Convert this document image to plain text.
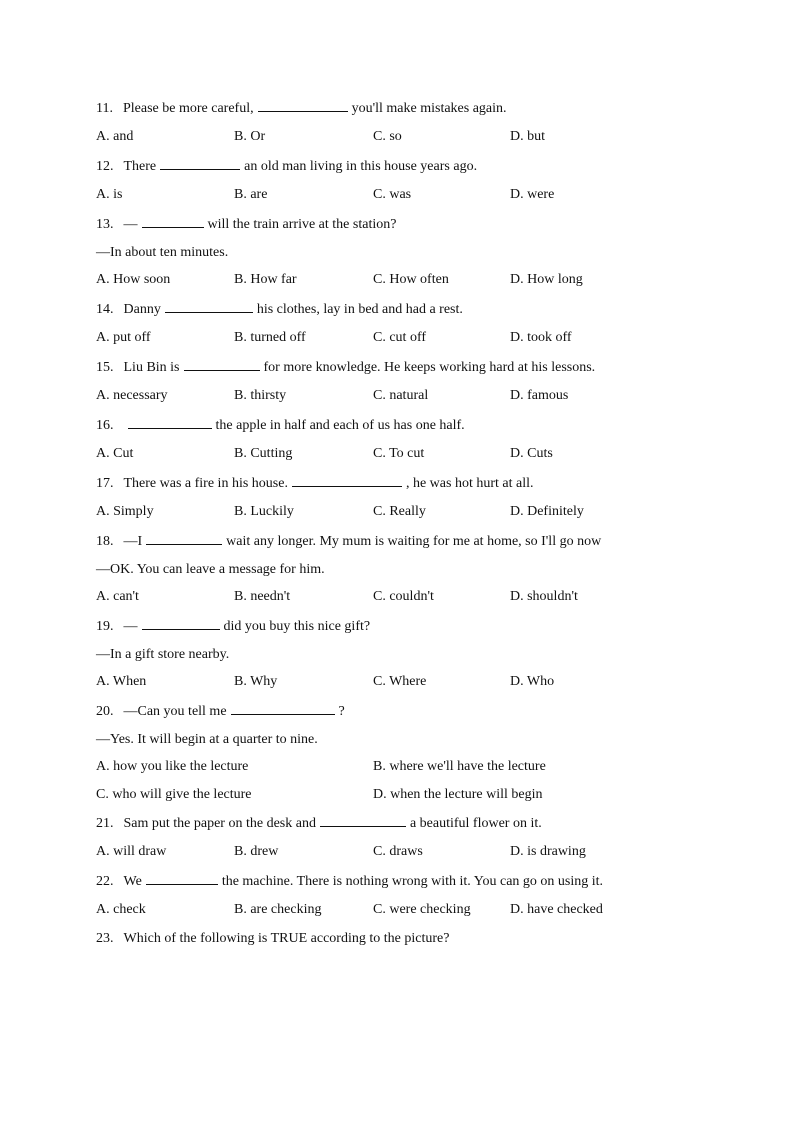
11. Please be more careful,	you'll make mistakes again.
A. and	B. Or	C. so	D. but
12. There	an old man living in this house years ago.
A. is	B. are	C. was	D. were
13. —	will the train arrive at the station?
—In about ten minutes.
A. How soon	B. How far	C. How often	D. How long
14. Danny	his clothes, lay in bed and had a rest.
A. put off	B. turned off	C. cut off	D. took off
15. Liu Bin is	for more knowledge. He keeps working hard at his lessons.
A. necessary	B. thirsty	C. natural	D. famous
16.	the apple in half and each of us has one half.
A. Cut	B. Cutting	C. To cut	D. Cuts
17. There was a fire in his house.	, he was hot hurt at all.
A. Simply	B. Luckily	C. Really	D. Definitely
18. —I	wait any longer. My mum is waiting for me at home, so I'll go now
—OK. You can leave a message for him.
A. can't	B. needn't	C. couldn't	D. shouldn't
19. —	did you buy this nice gift?
—In a gift store nearby.
A. When	B. Why	C. Where	D. Who
20. —Can you tell me	?
—Yes. It will begin at a quarter to nine.
A. how you like the lecture	B. where we'll have the lecture
C. who will give the lecture	D. when the lecture will begin
21. Sam put the paper on the desk and	a beautiful flower on it.
A. will draw	B. drew	C. draws	D. is drawing
22. We	the machine. There is nothing wrong with it. You can go on using it.
A. check	B. are checking	C. were checking	D. have checked
23. Which of the following is TRUE according to the picture?
